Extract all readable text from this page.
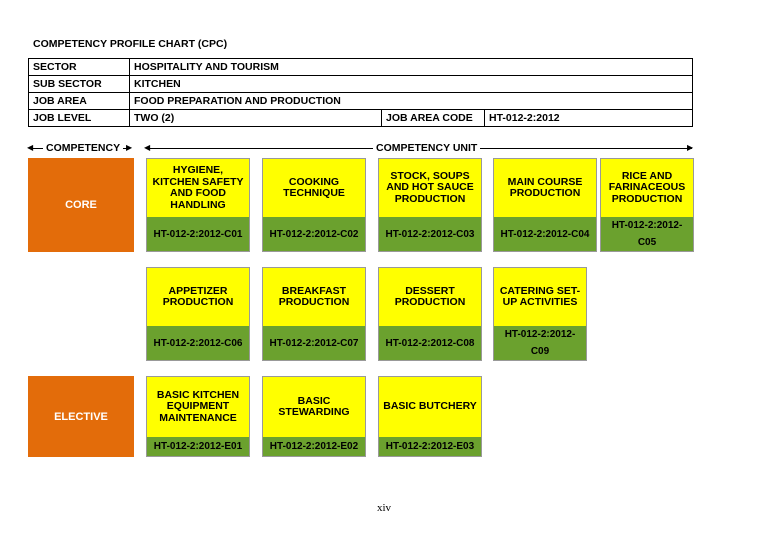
COMPETENCY PROFILE CHART (CPC)
SECTOR	HOSPITALITY AND TOURISM		
SUB SECTOR	KITCHEN		
JOB AREA	FOOD PREPARATION AND PRODUCTION		
JOB LEVEL	TWO (2)	JOB AREA CODE	HT-012-2:2012
◀	▶
COMPETENCY	◀	▶
COMPETENCY UNIT
CORE
ELECTIVE
HYGIENE, KITCHEN SAFETY AND FOOD HANDLING
HT-012-2:2012-C01
COOKING TECHNIQUE
HT-012-2:2012-C02
STOCK, SOUPS AND HOT SAUCE PRODUCTION
HT-012-2:2012-C03
MAIN COURSE PRODUCTION
HT-012-2:2012-C04
RICE AND FARINACEOUS PRODUCTION
HT-012-2:2012-C05
APPETIZER PRODUCTION
HT-012-2:2012-C06
BREAKFAST PRODUCTION
HT-012-2:2012-C07
DESSERT PRODUCTION
HT-012-2:2012-C08
CATERING SET-UP ACTIVITIES
HT-012-2:2012-C09
BASIC KITCHEN EQUIPMENT MAINTENANCE
HT-012-2:2012-E01
BASIC STEWARDING
HT-012-2:2012-E02
BASIC BUTCHERY
HT-012-2:2012-E03
xiv
